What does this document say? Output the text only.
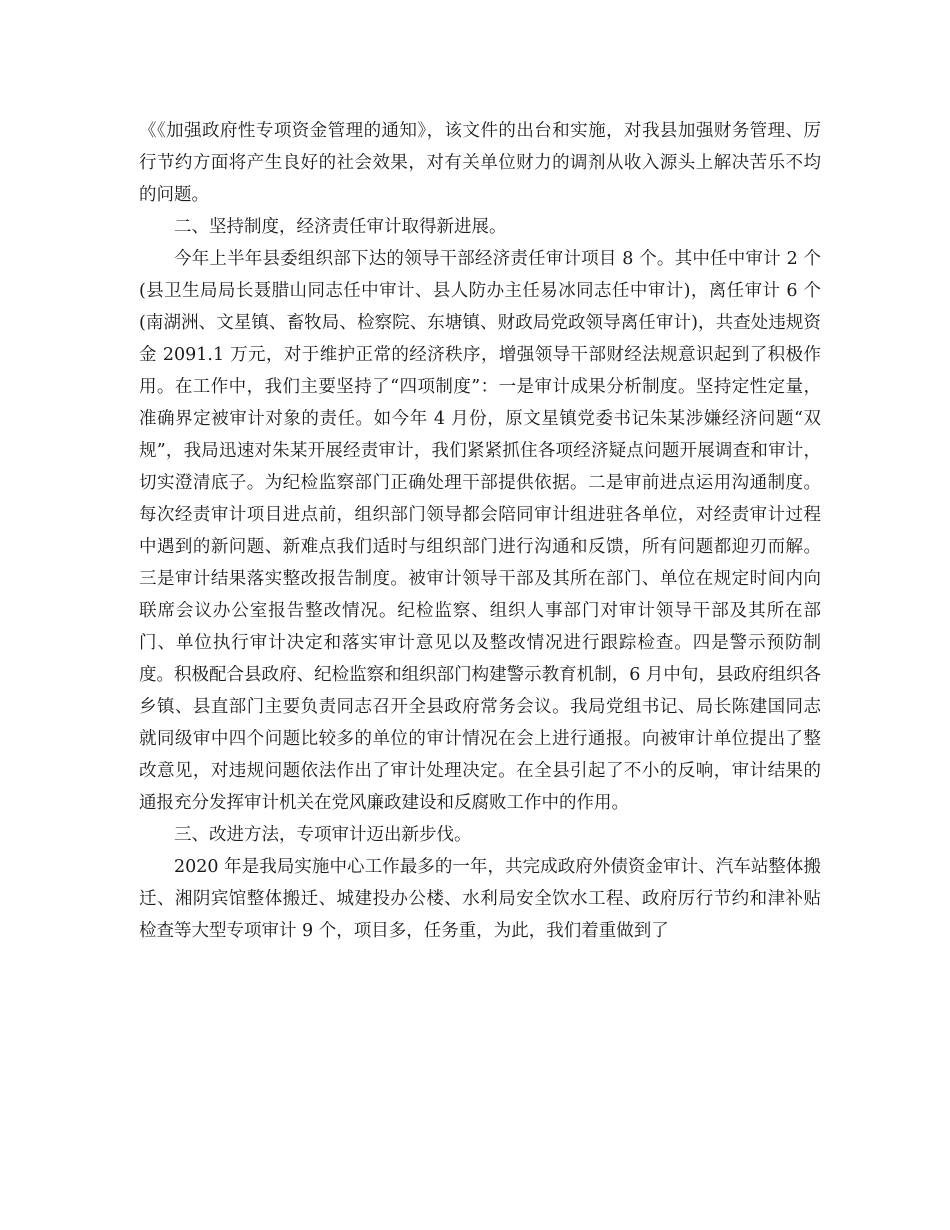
《《加强政府性专项资金管理的通知》，该文件的出台和实施，对我县加强财务管理、厉行节约方面将产生良好的社会效果，对有关单位财力的调剂从收入源头上解决苦乐不均的问题。

二、坚持制度，经济责任审计取得新进展。

今年上半年县委组织部下达的领导干部经济责任审计项目 8 个。其中任中审计 2 个(县卫生局局长聂腊山同志任中审计、县人防办主任易冰同志任中审计)，离任审计 6 个(南湖洲、文星镇、畜牧局、检察院、东塘镇、财政局党政领导离任审计)，共查处违规资金 2091.1 万元，对于维护正常的经济秩序，增强领导干部财经法规意识起到了积极作用。在工作中，我们主要坚持了“四项制度”：一是审计成果分析制度。坚持定性定量，准确界定被审计对象的责任。如今年 4 月份，原文星镇党委书记朱某涉嫌经济问题“双规”，我局迅速对朱某开展经责审计，我们紧紧抓住各项经济疑点问题开展调查和审计，切实澄清底子。为纪检监察部门正确处理干部提供依据。二是审前进点运用沟通制度。每次经责审计项目进点前，组织部门领导都会陪同审计组进驻各单位，对经责审计过程中遇到的新问题、新难点我们适时与组织部门进行沟通和反馈，所有问题都迎刃而解。三是审计结果落实整改报告制度。被审计领导干部及其所在部门、单位在规定时间内向联席会议办公室报告整改情况。纪检监察、组织人事部门对审计领导干部及其所在部门、单位执行审计决定和落实审计意见以及整改情况进行跟踪检查。四是警示预防制度。积极配合县政府、纪检监察和组织部门构建警示教育机制，6 月中旬，县政府组织各乡镇、县直部门主要负责同志召开全县政府常务会议。我局党组书记、局长陈建国同志就同级审中四个问题比较多的单位的审计情况在会上进行通报。向被审计单位提出了整改意见，对违规问题依法作出了审计处理决定。在全县引起了不小的反响，审计结果的通报充分发挥审计机关在党风廉政建设和反腐败工作中的作用。

三、改进方法，专项审计迈出新步伐。

2020 年是我局实施中心工作最多的一年，共完成政府外债资金审计、汽车站整体搬迁、湘阴宾馆整体搬迁、城建投办公楼、水利局安全饮水工程、政府厉行节约和津补贴检查等大型专项审计 9 个，项目多，任务重，为此，我们着重做到了
